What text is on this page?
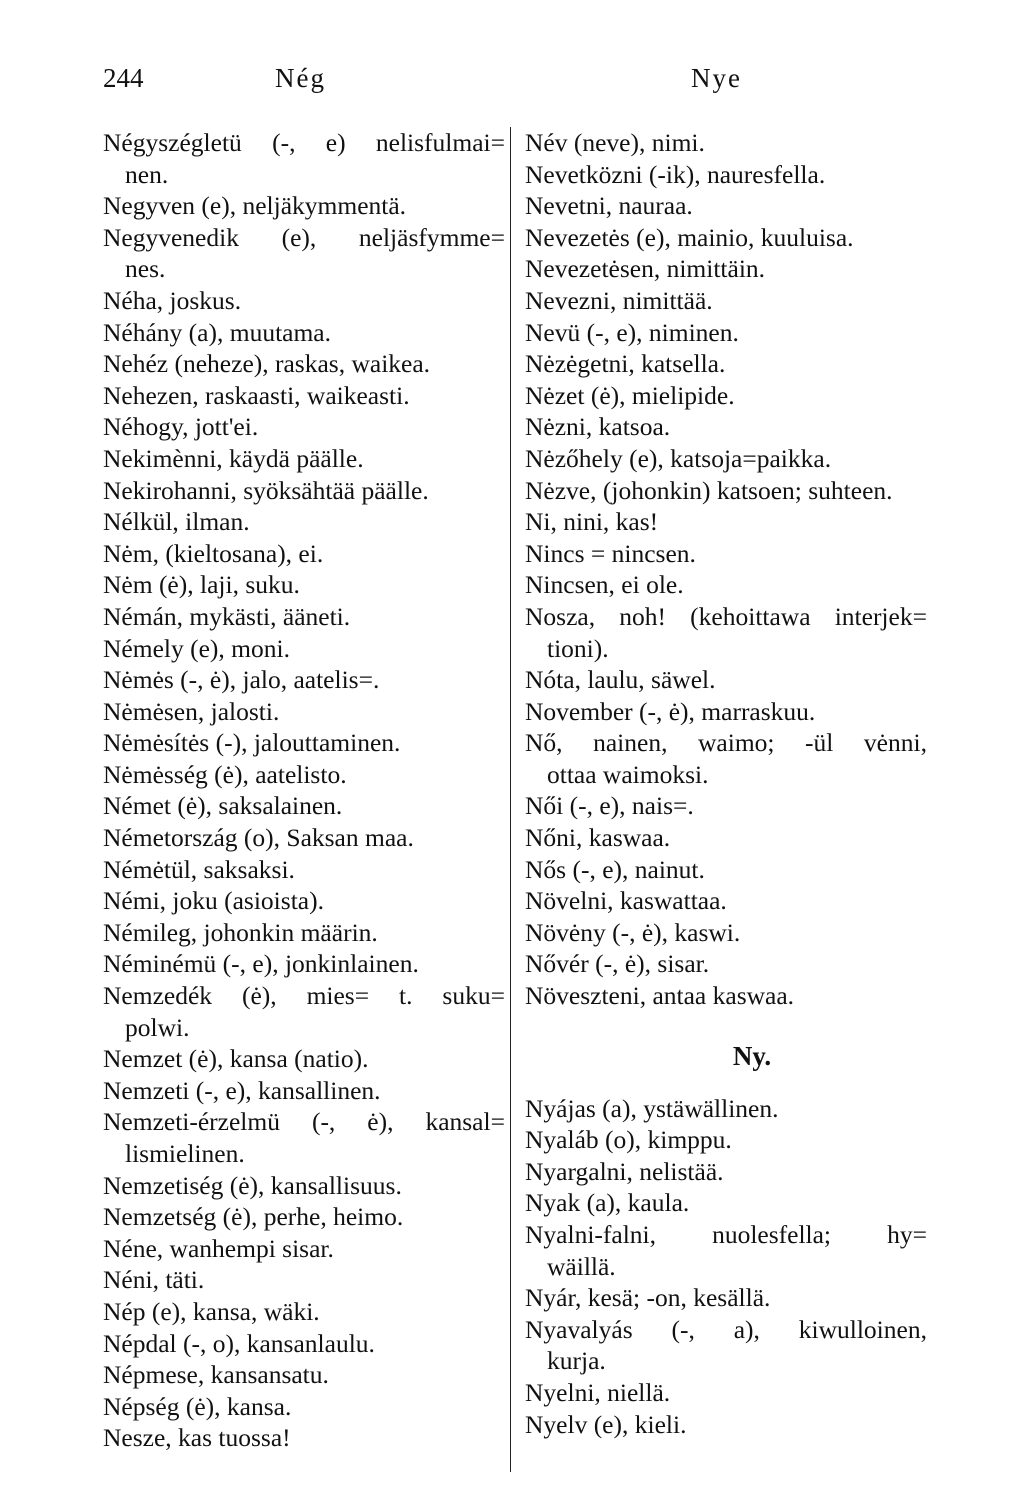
244	Nég	Nye
Négyszégletü (-, e) nelisfulmai=
nen.
Negyven (e), neljäkymmentä.
Negyvenedik (e), neljäsfymme=
nes.
Néha, joskus.
Néhány (a), muutama.
Nehéz (neheze), raskas, waikea.
Nehezen, raskaasti, waikeasti.
Néhogy, jott'ei.
Nekimènni, käydä päälle.
Nekirohanni, syöksähtää päälle.
Nélkül, ilman.
Nėm, (kieltosana), ei.
Nėm (ė), laji, suku.
Némán, mykästi, ääneti.
Némely (e), moni.
Nėmės (-, ė), jalo, aatelis=.
Nėmėsen, jalosti.
Nėmėsítės (-), jalouttaminen.
Nėmėsség (ė), aatelisto.
Német (ė), saksalainen.
Németország (o), Saksan maa.
Némėtül, saksaksi.
Némi, joku (asioista).
Némileg, johonkin määrin.
Néminémü (-, e), jonkinlainen.
Nemzedék (ė), mies= t. suku=
polwi.
Nemzet (ė), kansa (natio).
Nemzeti (-, e), kansallinen.
Nemzeti-érzelmü (-, ė), kansal=
lismielinen.
Nemzetiség (ė), kansallisuus.
Nemzetség (ė), perhe, heimo.
Néne, wanhempi sisar.
Néni, täti.
Nép (e), kansa, wäki.
Népdal (-, o), kansanlaulu.
Népmese, kansansatu.
Népség (ė), kansa.
Nesze, kas tuossa!
Név (neve), nimi.
Nevetközni (-ik), nauresfella.
Nevetni, nauraa.
Nevezetės (e), mainio, kuuluisa.
Nevezetėsen, nimittäin.
Nevezni, nimittää.
Nevü (-, e), niminen.
Nėzėgetni, katsella.
Nėzet (ė), mielipide.
Nėzni, katsoa.
Nėzőhely (e), katsoja=paikka.
Nėzve, (johonkin) katsoen; suhteen.
Ni, nini, kas!
Nincs = nincsen.
Nincsen, ei ole.
Nosza, noh! (kehoittawa interjek=
tioni).
Nóta, laulu, säwel.
November (-, ė), marraskuu.
Nő, nainen, waimo; -ül vėnni,
ottaa waimoksi.
Női (-, e), nais=.
Nőni, kaswaa.
Nős (-, e), nainut.
Növelni, kaswattaa.
Növėny (-, ė), kaswi.
Nővér (-, ė), sisar.
Növeszteni, antaa kaswaa.
Ny.
Nyájas (a), ystäwällinen.
Nyaláb (o), kimppu.
Nyargalni, nelistää.
Nyak (a), kaula.
Nyalni-falni, nuolesfella; hy=
wäillä.
Nyár, kesä; -on, kesällä.
Nyavalyás (-, a), kiwulloinen,
kurja.
Nyelni, niellä.
Nyelv (e), kieli.
